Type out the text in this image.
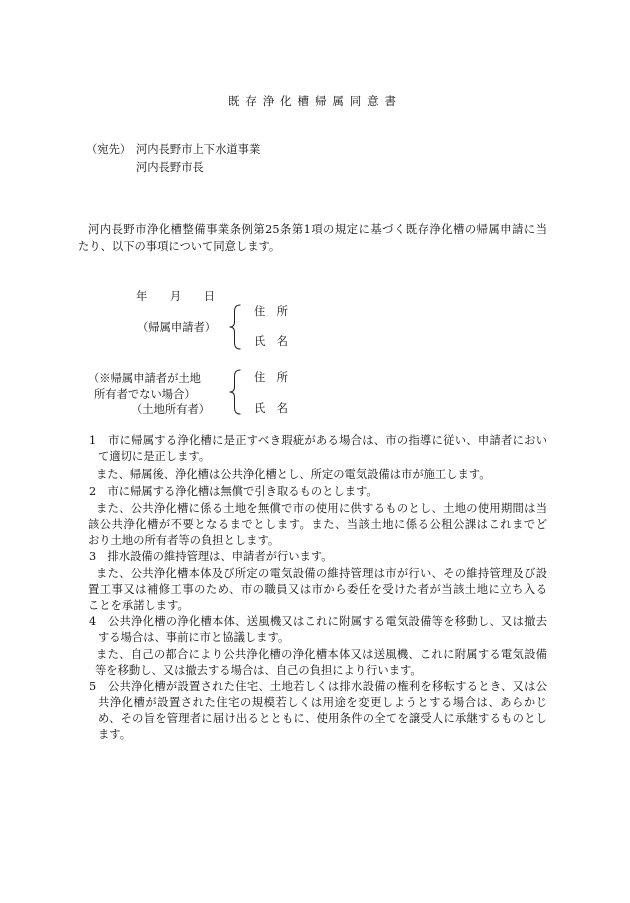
既 存 浄 化 槽 帰 属 同 意 書
（宛先） 河内長野市上下水道事業
河内長野市長
河内長野市浄化槽整備事業条例第25条第1項の規定に基づく既存浄化槽の帰属申請に当
たり、以下の事項について同意します。
年　　月　　日
（帰属申請者）
住　所
氏　名
（※帰属申請者が土地
所有者でない場合）
（土地所有者）
住　所
氏　名
1　市に帰属する浄化槽に是正すべき瑕疵がある場合は、市の指導に従い、申請者におい
て適切に是正します。
また、帰属後、浄化槽は公共浄化槽とし、所定の電気設備は市が施工します。
2　市に帰属する浄化槽は無償で引き取るものとします。
また、公共浄化槽に係る土地を無償で市の使用に供するものとし、土地の使用期間は当
該公共浄化槽が不要となるまでとします。また、当該土地に係る公租公課はこれまでど
おり土地の所有者等の負担とします。
3　排水設備の維持管理は、申請者が行います。
また、公共浄化槽本体及び所定の電気設備の維持管理は市が行い、その維持管理及び設
置工事又は補修工事のため、市の職員又は市から委任を受けた者が当該土地に立ち入る
ことを承諾します。
4　公共浄化槽の浄化槽本体、送風機又はこれに附属する電気設備等を移動し、又は撤去
する場合は、事前に市と協議します。
また、自己の都合により公共浄化槽の浄化槽本体又は送風機、これに附属する電気設備
等を移動し、又は撤去する場合は、自己の負担により行います。
5　公共浄化槽が設置された住宅、土地若しくは排水設備の権利を移転するとき、又は公
共浄化槽が設置された住宅の規模若しくは用途を変更しようとする場合は、あらかじ
め、その旨を管理者に届け出るとともに、使用条件の全てを譲受人に承継するものとし
ます。
